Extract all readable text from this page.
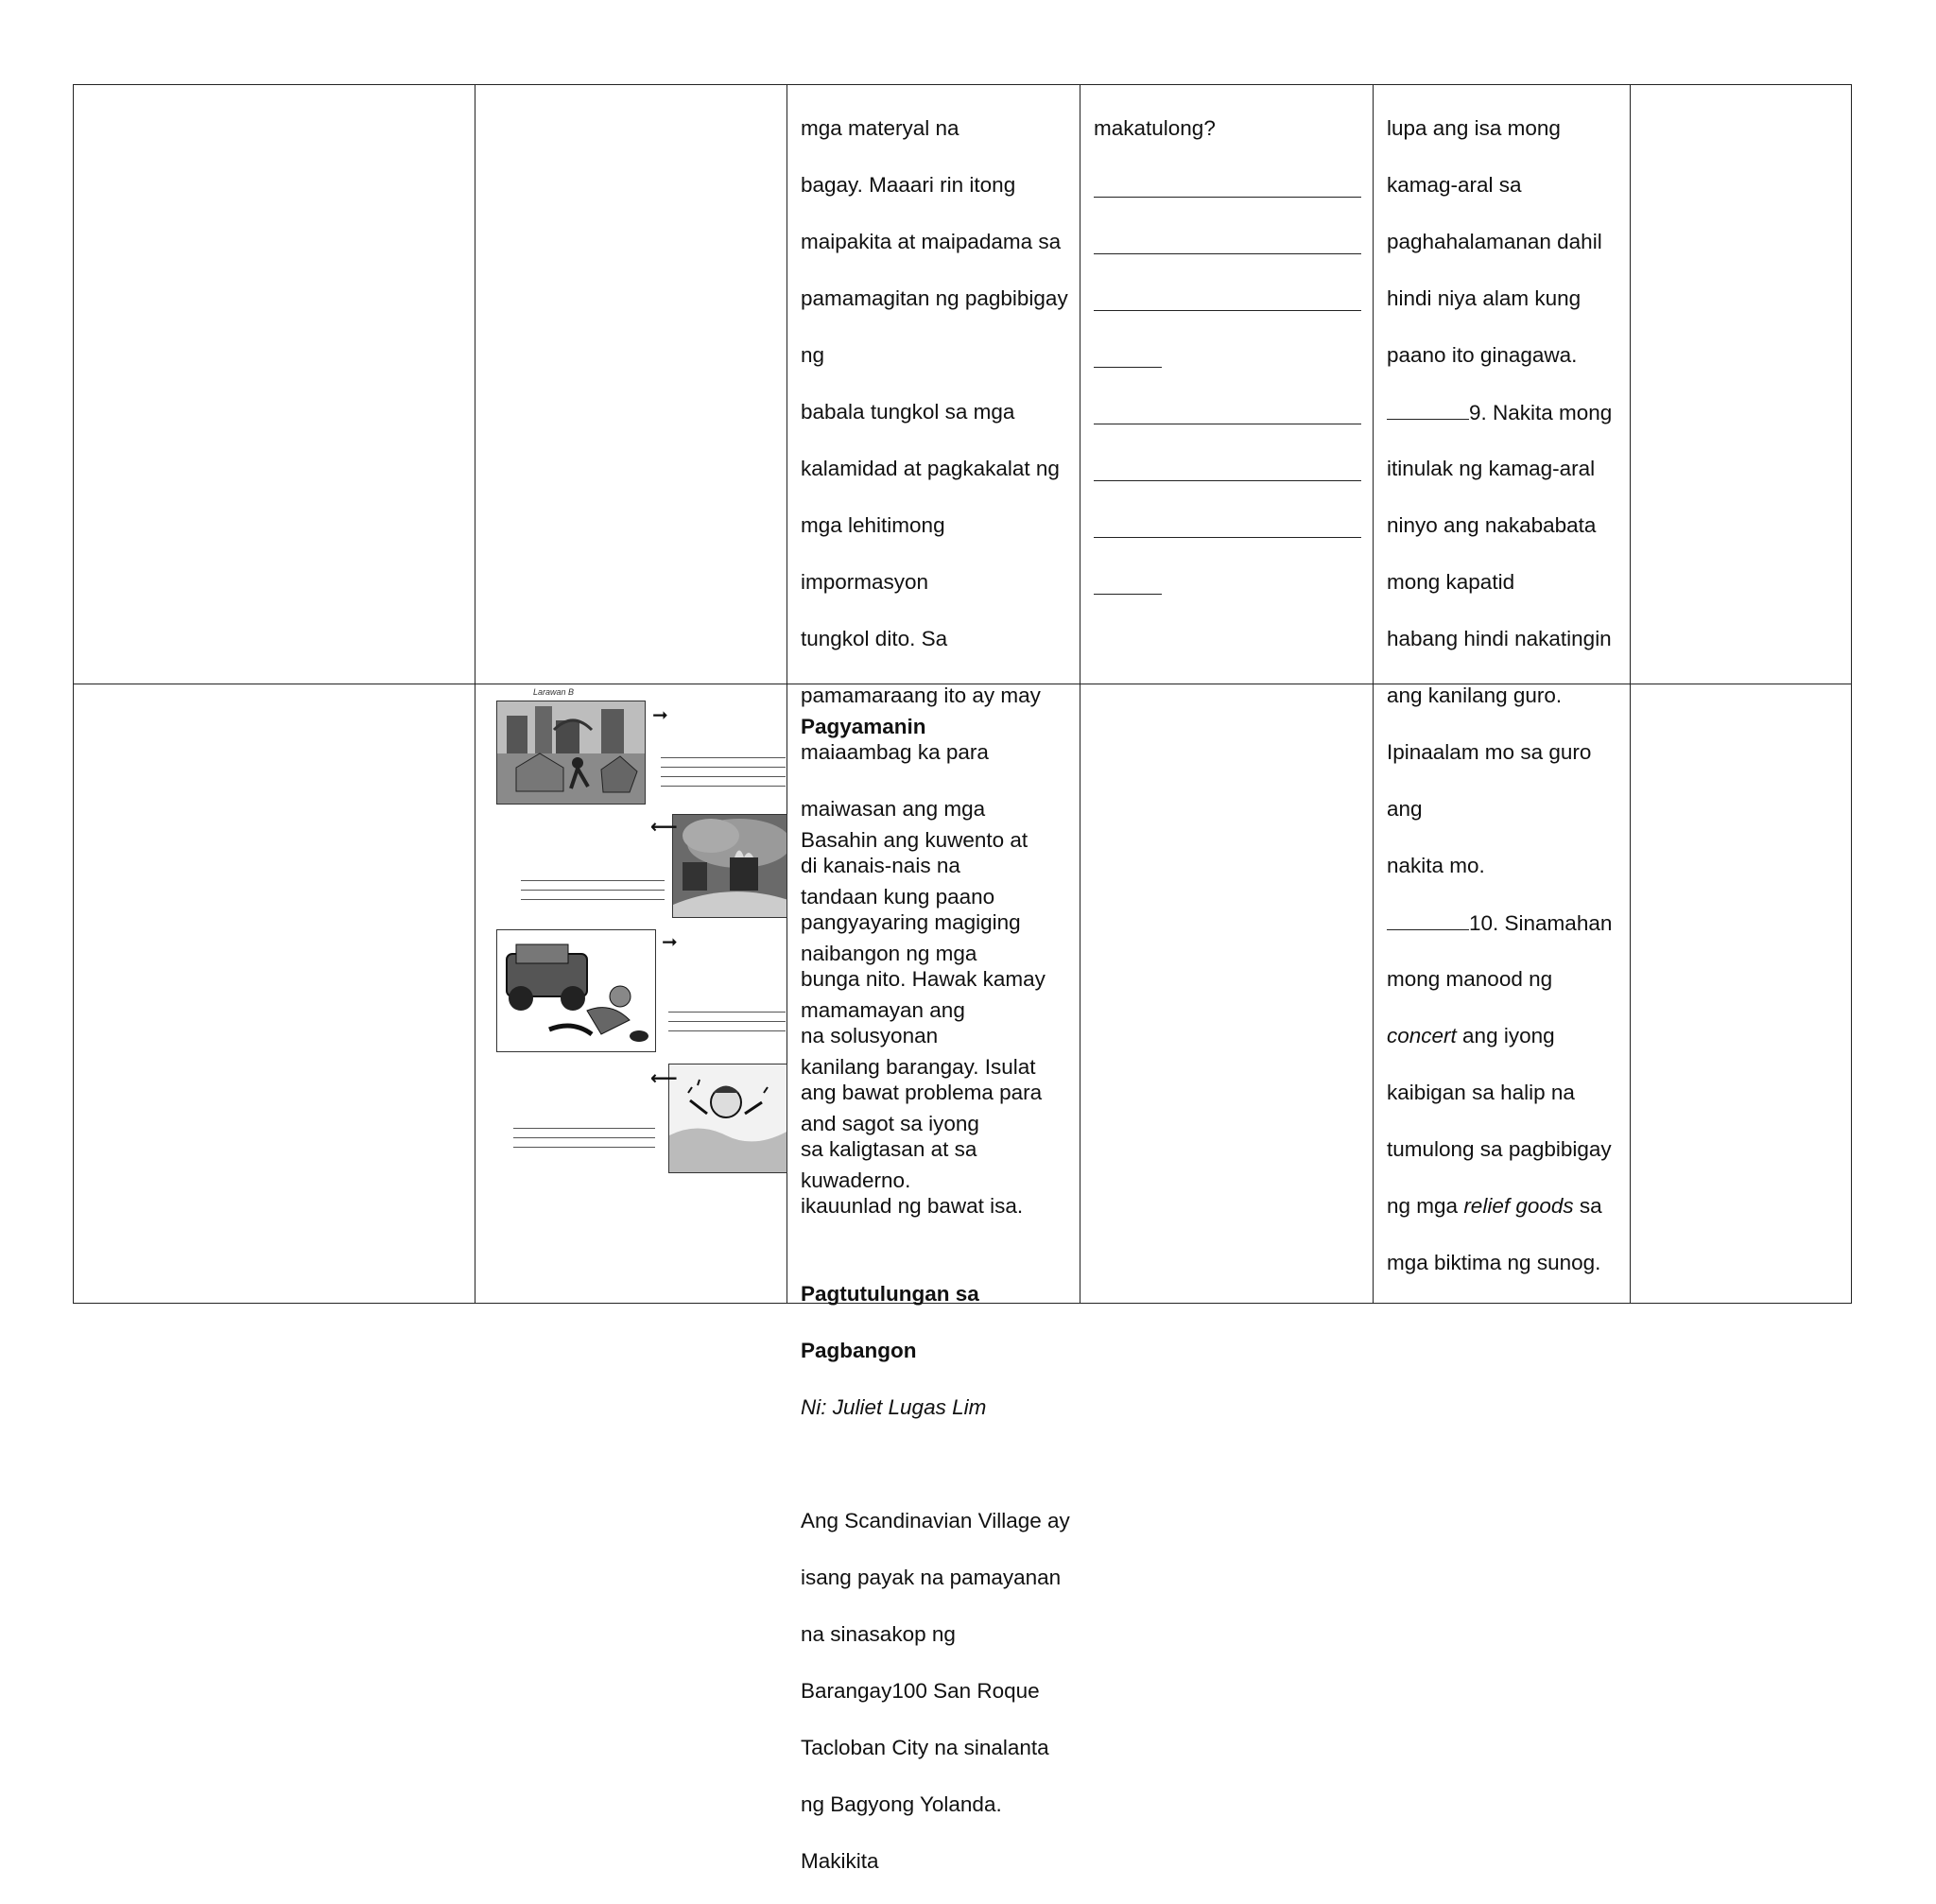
mga materyal na

bagay. Maaari rin itong

maipakita at maipadama sa

pamamagitan ng pagbibigay

ng

babala tungkol sa mga

kalamidad at pagkakalat ng

mga lehitimong

impormasyon

tungkol dito. Sa

pamamaraang ito ay may

maiaambag ka para

maiwasan ang mga

di kanais-nais na

pangyayaring magiging

bunga nito. Hawak kamay

na solusyonan

ang bawat problema para

sa kaligtasan at sa

ikauunlad ng bawat isa.

makatulong?	lupa ang isa mong

kamag-aral sa

paghahalamanan dahil

hindi niya alam kung

paano ito ginagawa.

9. Nakita mong

itinulak ng kamag-aral

ninyo ang nakababata

mong kapatid

habang hindi nakatingin

ang kanilang guro.

Ipinaalam mo sa guro

ang

nakita mo.

10. Sinamahan

mong manood ng

concert ang iyong

kaibigan sa halip na

tumulong sa pagbibigay

ng mga relief goods sa

mga biktima ng sunog.

Larawan B
➞
⟵
➞
⟵

Pagyamanin

Basahin ang kuwento at

tandaan kung paano

naibangon ng mga

mamamayan ang

kanilang barangay. Isulat

and sagot sa iyong

kuwaderno.

Pagtutulungan sa

Pagbangon

Ni: Juliet Lugas Lim

Ang Scandinavian Village ay

isang payak na pamayanan

na sinasakop ng

Barangay100 San Roque

Tacloban City na sinalanta

ng Bagyong Yolanda.

Makikita
